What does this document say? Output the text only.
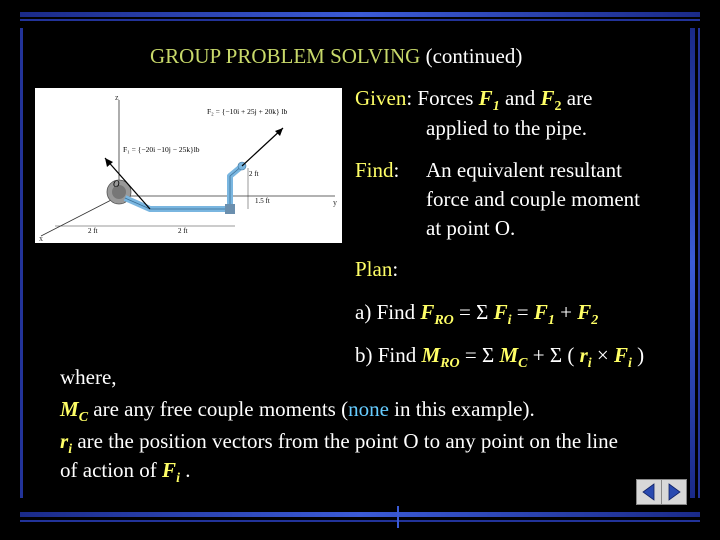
GROUP PROBLEM SOLVING (continued)
z
x
y
O
F₂ = {−10i + 25j + 20k} lb
F₁ = {−20i −10j − 25k}lb
2 ft
1.5 ft
2 ft	2 ft
Given: Forces $F_1$ and $F_2$ are
applied to the pipe.
Find: An equivalent resultant
force and couple moment
at point O.
Plan:
a) Find $F_{RO} = \Sigma$ $F_i = F_1 + F_2$
b) Find $M_{RO} = \Sigma$ $M_C + \Sigma$ ( $r_i \times F_i$ )
where,
$M_C$ are any free couple moments (none in this example).
$r_i$ are the position vectors from the point O to any point on the line
of action of $F_i$ .
